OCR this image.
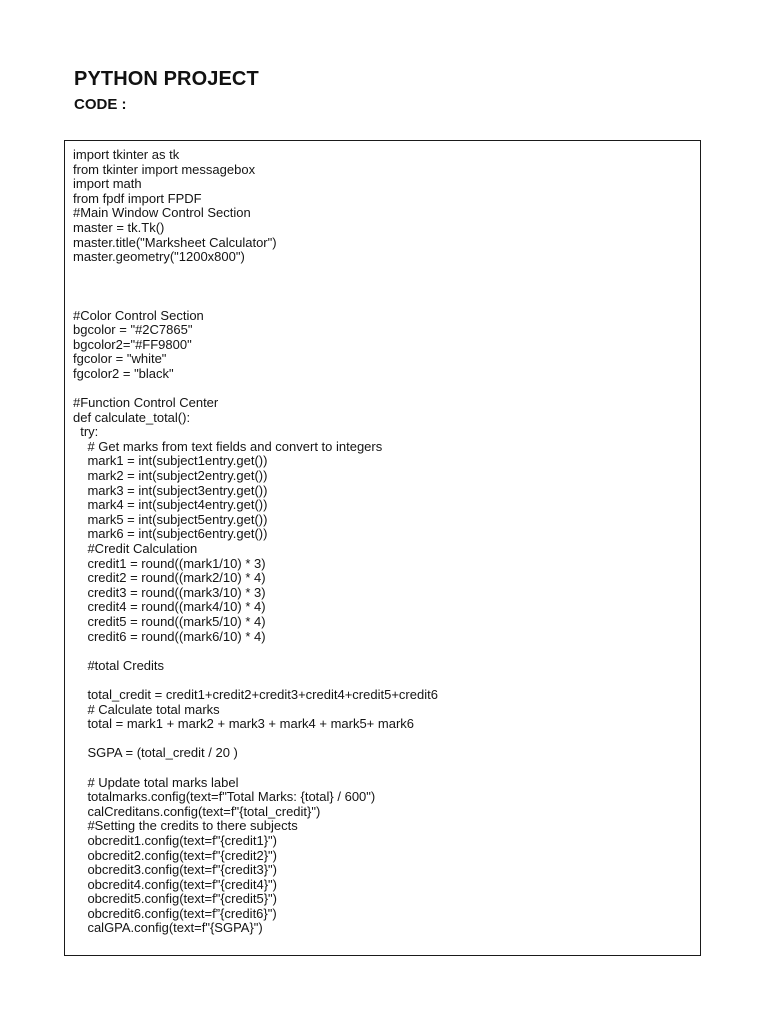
PYTHON PROJECT
CODE :
import tkinter as tk
from tkinter import messagebox
import math
from fpdf import FPDF
#Main Window Control Section
master = tk.Tk()
master.title("Marksheet Calculator")
master.geometry("1200x800")
#Color Control Section
bgcolor = "#2C7865"
bgcolor2="#FF9800"
fgcolor = "white"
fgcolor2 = "black"
#Function Control Center
def calculate_total():
try:
# Get marks from text fields and convert to integers
mark1 = int(subject1entry.get())
mark2 = int(subject2entry.get())
mark3 = int(subject3entry.get())
mark4 = int(subject4entry.get())
mark5 = int(subject5entry.get())
mark6 = int(subject6entry.get())
#Credit Calculation
credit1 = round((mark1/10) * 3)
credit2 = round((mark2/10) * 4)
credit3 = round((mark3/10) * 3)
credit4 = round((mark4/10) * 4)
credit5 = round((mark5/10) * 4)
credit6 = round((mark6/10) * 4)
#total Credits
total_credit = credit1+credit2+credit3+credit4+credit5+credit6
# Calculate total marks
total = mark1 + mark2 + mark3 + mark4 + mark5+ mark6
SGPA = (total_credit / 20 )
# Update total marks label
totalmarks.config(text=f"Total Marks: {total} / 600")
calCreditans.config(text=f"{total_credit}")
#Setting the credits to there subjects
obcredit1.config(text=f"{credit1}")
obcredit2.config(text=f"{credit2}")
obcredit3.config(text=f"{credit3}")
obcredit4.config(text=f"{credit4}")
obcredit5.config(text=f"{credit5}")
obcredit6.config(text=f”{credit6}")
calGPA.config(text=f"{SGPA}")
